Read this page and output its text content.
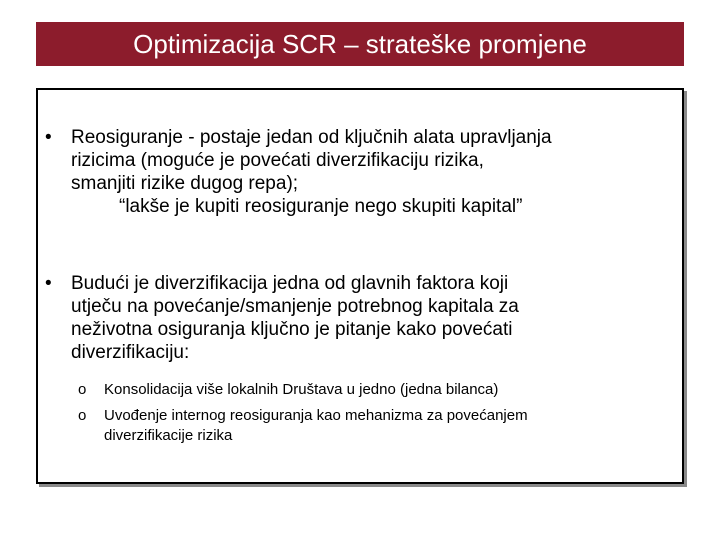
Optimizacija SCR – strateške promjene
• Reosiguranje - postaje jedan od ključnih alata upravljanja
rizicima (moguće je povećati diverzifikaciju rizika,
smanjiti rizike dugog repa);
“lakše je kupiti reosiguranje nego skupiti kapital”
• Budući je diverzifikacija jedna od glavnih faktora koji
utječu na povećanje/smanjenje potrebnog kapitala za
neživotna osiguranja ključno je pitanje kako povećati
diverzifikaciju:
o Konsolidacija više lokalnih Društava u jedno (jedna bilanca)
o Uvođenje internog reosiguranja kao mehanizma za povećanjem
diverzifikacije rizika
